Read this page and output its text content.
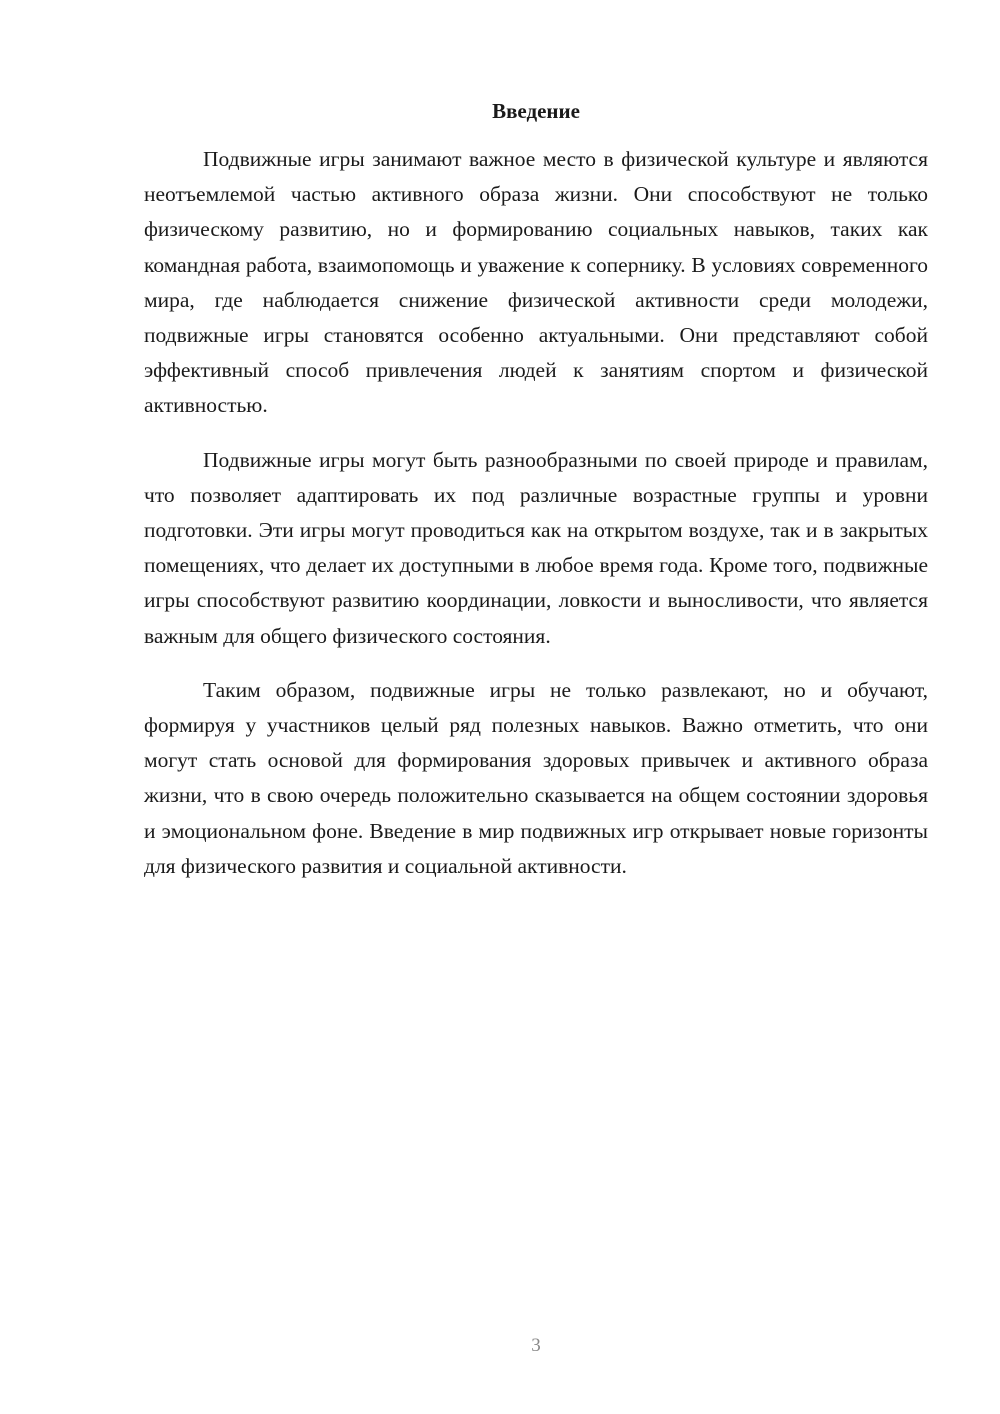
Введение

Подвижные игры занимают важное место в физической культуре и являются неотъемлемой частью активного образа жизни. Они способствуют не только физическому развитию, но и формированию социальных навыков, таких как командная работа, взаимопомощь и уважение к сопернику. В условиях современного мира, где наблюдается снижение физической активности среди молодежи, подвижные игры становятся особенно актуальными. Они представляют собой эффективный способ привлечения людей к занятиям спортом и физической активностью.

Подвижные игры могут быть разнообразными по своей природе и правилам, что позволяет адаптировать их под различные возрастные группы и уровни подготовки. Эти игры могут проводиться как на открытом воздухе, так и в закрытых помещениях, что делает их доступными в любое время года. Кроме того, подвижные игры способствуют развитию координации, ловкости и выносливости, что является важным для общего физического состояния.

Таким образом, подвижные игры не только развлекают, но и обучают, формируя у участников целый ряд полезных навыков. Важно отметить, что они могут стать основой для формирования здоровых привычек и активного образа жизни, что в свою очередь положительно сказывается на общем состоянии здоровья и эмоциональном фоне. Введение в мир подвижных игр открывает новые горизонты для физического развития и социальной активности.

3
